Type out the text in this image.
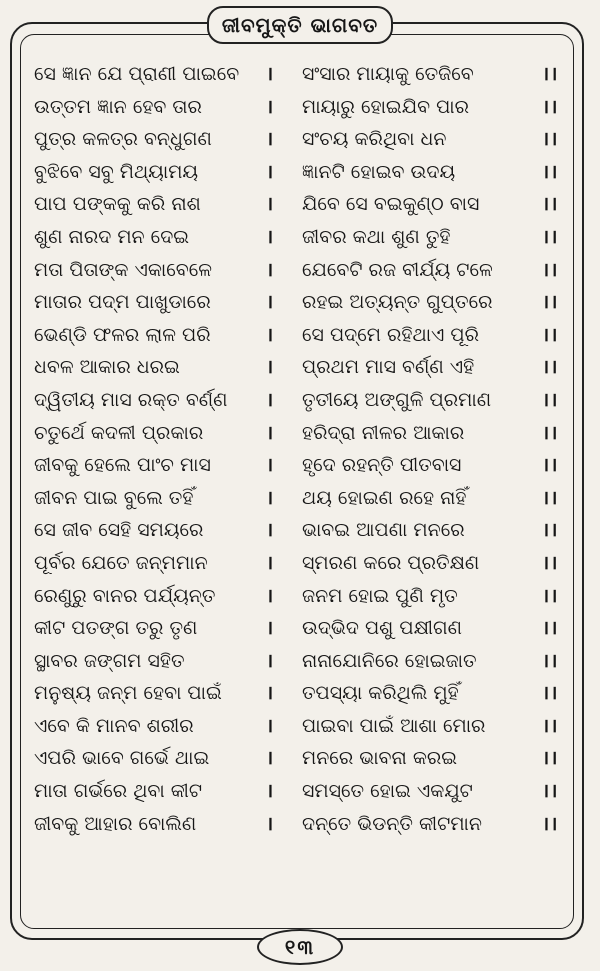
ଜୀବମୁକ୍ତି ଭାଗବତ
ସେ ଜ୍ଞାନ ଯେ ପ୍ରାଣୀ ପାଇବେ । ସଂସାର ମାୟାକୁ ତେଜିବେ	।।
ଉତ୍ତମ ଜ୍ଞାନ ହେବ ତାର	। ମାୟାରୁ ହୋଇଯିବ ପାର	।।
ପୁତ୍ର କଳତ୍ର ବନ୍ଧୁଗଣ	। ସଂଚୟ କରିଥିବା ଧନ	।।
ବୁଝିବେ ସବୁ ମିଥ୍ୟାମୟ	। ଜ୍ଞାନଟି ହୋଇବ ଉଦୟ	।।
ପାପ ପଙ୍କକୁ କରି ନାଶ	। ଯିବେ ସେ ବଇକୁଣ୍ଠ ବାସ	।।
ଶୁଣ ନାରଦ ମନ ଦେଇ	। ଜୀବର କଥା ଶୁଣ ତୁହି	।।
ମତା ପିତାଙ୍କ ଏକାବେଳେ	। ଯେବେଟି ରଜ ବୀର୍ଯ୍ୟ ଟଳେ	।।
ମାତାର ପଦ୍ମ ପାଖୁଡାରେ	। ରହଇ ଅତ୍ୟନ୍ତ ଗୁପ୍ତରେ	।।
ଭେଣ୍ଡି ଫଳର ଲାଳ ପରି	। ସେ ପଦ୍ମେ ରହିଥାଏ ପୂରି	।।
ଧବଳ ଆକାର ଧରଇ	। ପ୍ରଥମ ମାସ ବର୍ଣ୍ଣ ଏହି	।।
ଦ୍ୱିତୀୟ ମାସ ରକ୍ତ ବର୍ଣ୍ଣ । ତୃତୀୟେ ଅଙ୍ଗୁଳି ପ୍ରମାଣ	।।
ଚତୁର୍ଥେ କଦଳୀ ପ୍ରକାର	। ହରିଦ୍ରା ନୀଳର ଆକାର	।।
ଜୀବକୁ ହେଲେ ପାଂଚ ମାସ	। ହୃଦେ ରହନ୍ତି ପୀତବାସ	।।
ଜୀବନ ପାଇ ବୁଲେ ତହିଁ	। ଥୟ ହୋଇଣ ରହେ ନାହିଁ	।।
ସେ ଜୀବ ସେହି ସମୟରେ	। ଭାବଇ ଆପଣା ମନରେ	।।
ପୂର୍ବର ଯେତେ ଜନ୍ମମାନ	। ସ୍ମରଣ କରେ ପ୍ରତିକ୍ଷଣ	।।
ରେଣୁରୁ ବାନର ପର୍ଯ୍ୟନ୍ତ	। ଜନମ ହୋଇ ପୁଣି ମୃତ	।।
କୀଟ ପତଙ୍ଗ ତରୁ ତୃଣ	। ଉଦ୍ଭିଦ ପଶୁ ପକ୍ଷୀଗଣ	।।
ସ୍ଥାବର ଜଙ୍ଗମ ସହିତ	। ନାନାଯୋନିରେ ହୋଇଜାତ	।।
ମନୁଷ୍ୟ ଜନ୍ମ ହେବା ପାଇଁ । ତପସ୍ୟା କରିଥିଲି ମୁହିଁ	।।
ଏବେ କି ମାନବ ଶରୀର	। ପାଇବା ପାଇଁ ଆଶା ମୋର	।।
ଏପରି ଭାବେ ଗର୍ଭେ ଥାଇ	। ମନରେ ଭାବନା କରଇ	।।
ମାତା ଗର୍ଭରେ ଥିବା କୀଟ	। ସମସ୍ତେ ହୋଇ ଏକଯୁଟ	।।
ଜୀବକୁ ଆହାର ବୋଲିଣ	। ଦନ୍ତେ ଭିଡନ୍ତି କୀଟମାନ	।।
୧୩
